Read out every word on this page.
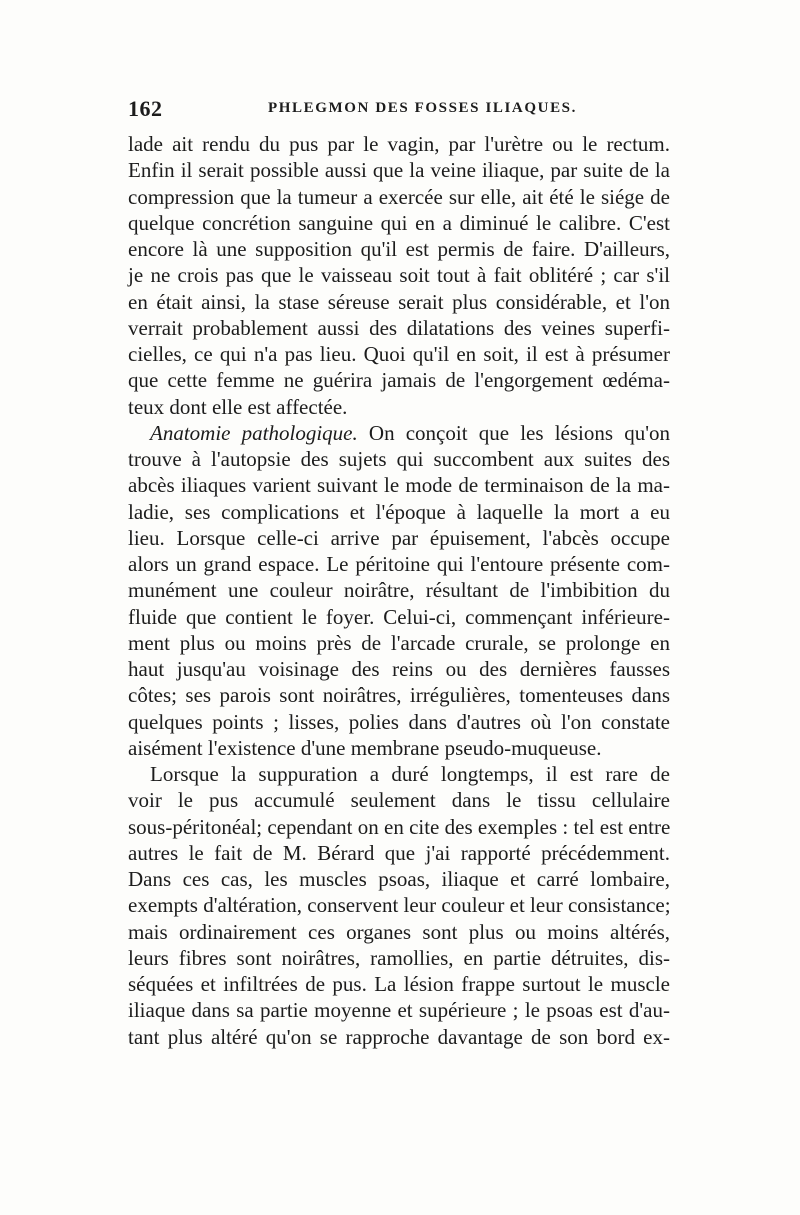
162	PHLEGMON DES FOSSES ILIAQUES.
lade ait rendu du pus par le vagin, par l'urètre ou le rectum.
Enfin il serait possible aussi que la veine iliaque, par suite de la
compression que la tumeur a exercée sur elle, ait été le siége de
quelque concrétion sanguine qui en a diminué le calibre. C'est
encore là une supposition qu'il est permis de faire. D'ailleurs,
je ne crois pas que le vaisseau soit tout à fait oblitéré ; car s'il
en était ainsi, la stase séreuse serait plus considérable, et l'on
verrait probablement aussi des dilatations des veines superfi-
cielles, ce qui n'a pas lieu. Quoi qu'il en soit, il est à présumer
que cette femme ne guérira jamais de l'engorgement œdéma-
teux dont elle est affectée.
Anatomie pathologique. On conçoit que les lésions qu'on
trouve à l'autopsie des sujets qui succombent aux suites des
abcès iliaques varient suivant le mode de terminaison de la ma-
ladie, ses complications et l'époque à laquelle la mort a eu
lieu. Lorsque celle-ci arrive par épuisement, l'abcès occupe
alors un grand espace. Le péritoine qui l'entoure présente com-
munément une couleur noirâtre, résultant de l'imbibition du
fluide que contient le foyer. Celui-ci, commençant inférieure-
ment plus ou moins près de l'arcade crurale, se prolonge en
haut jusqu'au voisinage des reins ou des dernières fausses
côtes; ses parois sont noirâtres, irrégulières, tomenteuses dans
quelques points ; lisses, polies dans d'autres où l'on constate
aisément l'existence d'une membrane pseudo-muqueuse.
Lorsque la suppuration a duré longtemps, il est rare de
voir le pus accumulé seulement dans le tissu cellulaire
sous-péritonéal; cependant on en cite des exemples : tel est entre
autres le fait de M. Bérard que j'ai rapporté précédemment.
Dans ces cas, les muscles psoas, iliaque et carré lombaire,
exempts d'altération, conservent leur couleur et leur consistance;
mais ordinairement ces organes sont plus ou moins altérés,
leurs fibres sont noirâtres, ramollies, en partie détruites, dis-
séquées et infiltrées de pus. La lésion frappe surtout le muscle
iliaque dans sa partie moyenne et supérieure ; le psoas est d'au-
tant plus altéré qu'on se rapproche davantage de son bord ex-
